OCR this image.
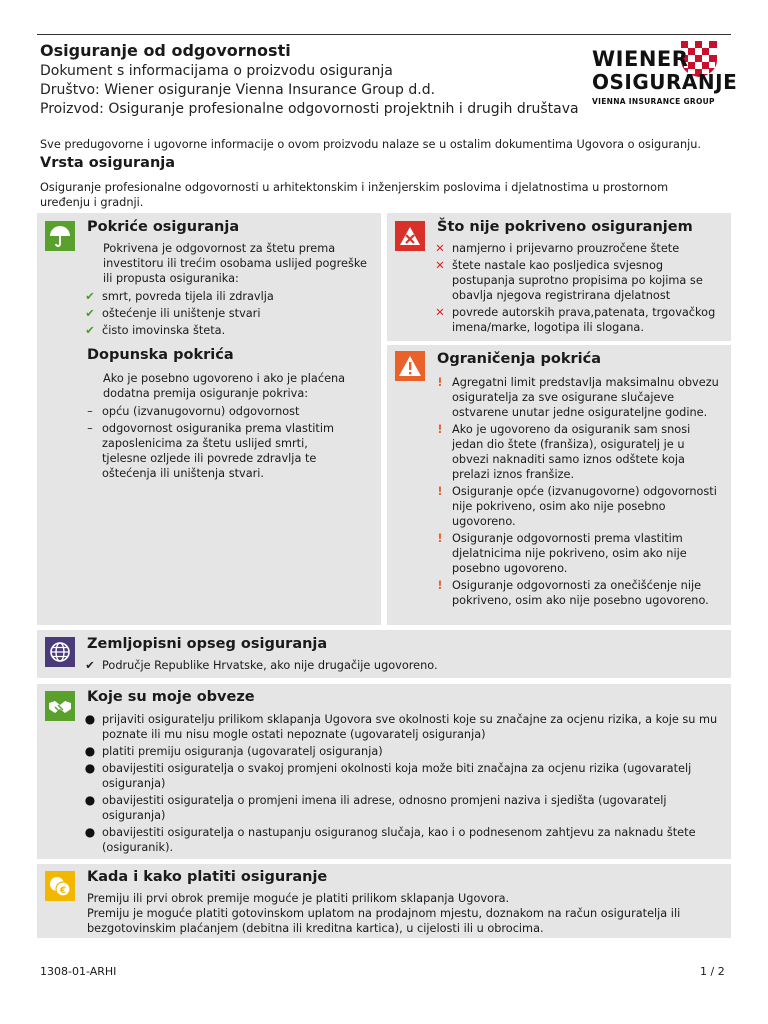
Osiguranje od odgovornosti
Dokument s informacijama o proizvodu osiguranja
Društvo: Wiener osiguranje Vienna Insurance Group d.d.
Proizvod: Osiguranje profesionalne odgovornosti projektnih i drugih društava
WIENER
OSIGURANJE
VIENNA INSURANCE GROUP
Sve predugovorne i ugovorne informacije o ovom proizvodu nalaze se u ostalim dokumentima Ugovora o osiguranju.
Vrsta osiguranja
Osiguranje profesionalne odgovornosti u arhitektonskim i inženjerskim poslovima i djelatnostima u prostornom uređenju i gradnji.
Pokriće osiguranja
Pokrivena je odgovornost za štetu prema investitoru ili trećim osobama uslijed pogreške ili propusta osiguranika:
✔ smrt, povreda tijela ili zdravlja
✔ oštećenje ili uništenje stvari
✔ čisto imovinska šteta.
Dopunska pokrića
Ako je posebno ugovoreno i ako je plaćena dodatna premija osiguranje pokriva:
– opću (izvanugovornu) odgovornost
– odgovornost osiguranika prema vlastitim zaposlenicima za štetu uslijed smrti, tjelesne ozljede ili povrede zdravlja te oštećenja ili uništenja stvari.
Što nije pokriveno osiguranjem
✕ namjerno i prijevarno prouzročene štete
✕ štete nastale kao posljedica svjesnog postupanja suprotno propisima po kojima se obavlja njegova registrirana djelatnost
✕ povrede autorskih prava,patenata, trgovačkog imena/marke, logotipa ili slogana.
Ograničenja pokrića
! Agregatni limit predstavlja maksimalnu obvezu osiguratelja za sve osigurane slučajeve ostvarene unutar jedne osigurateljne godine.
! Ako je ugovoreno da osiguranik sam snosi jedan dio štete (franšiza), osiguratelj je u obvezi naknaditi samo iznos odštete koja prelazi iznos franšize.
! Osiguranje opće (izvanugovorne) odgovornosti nije pokriveno, osim ako nije posebno ugovoreno.
! Osiguranje odgovornosti prema vlastitim djelatnicima nije pokriveno, osim ako nije posebno ugovoreno.
! Osiguranje odgovornosti za onečišćenje nije pokriveno, osim ako nije posebno ugovoreno.
Zemljopisni opseg osiguranja
✔ Područje Republike Hrvatske, ako nije drugačije ugovoreno.
Koje su moje obveze
● prijaviti osiguratelju prilikom sklapanja Ugovora sve okolnosti koje su značajne za ocjenu rizika, a koje su mu poznate ili mu nisu mogle ostati nepoznate (ugovaratelj osiguranja)
● platiti premiju osiguranja (ugovaratelj osiguranja)
● obavijestiti osiguratelja o svakoj promjeni okolnosti koja može biti značajna za ocjenu rizika (ugovaratelj osiguranja)
● obavijestiti osiguratelja o promjeni imena ili adrese, odnosno promjeni naziva i sjedišta (ugovaratelj osiguranja)
● obavijestiti osiguratelja o nastupanju osiguranog slučaja, kao i o podnesenom zahtjevu za naknadu štete (osiguranik).
€
Kada i kako platiti osiguranje
Premiju ili prvi obrok premije moguće je platiti prilikom sklapanja Ugovora.
Premiju je moguće platiti gotovinskom uplatom na prodajnom mjestu, doznakom na račun osiguratelja ili bezgotovinskim plaćanjem (debitna ili kreditna kartica), u cijelosti ili u obrocima.
1308-01-ARHI	1 / 2
